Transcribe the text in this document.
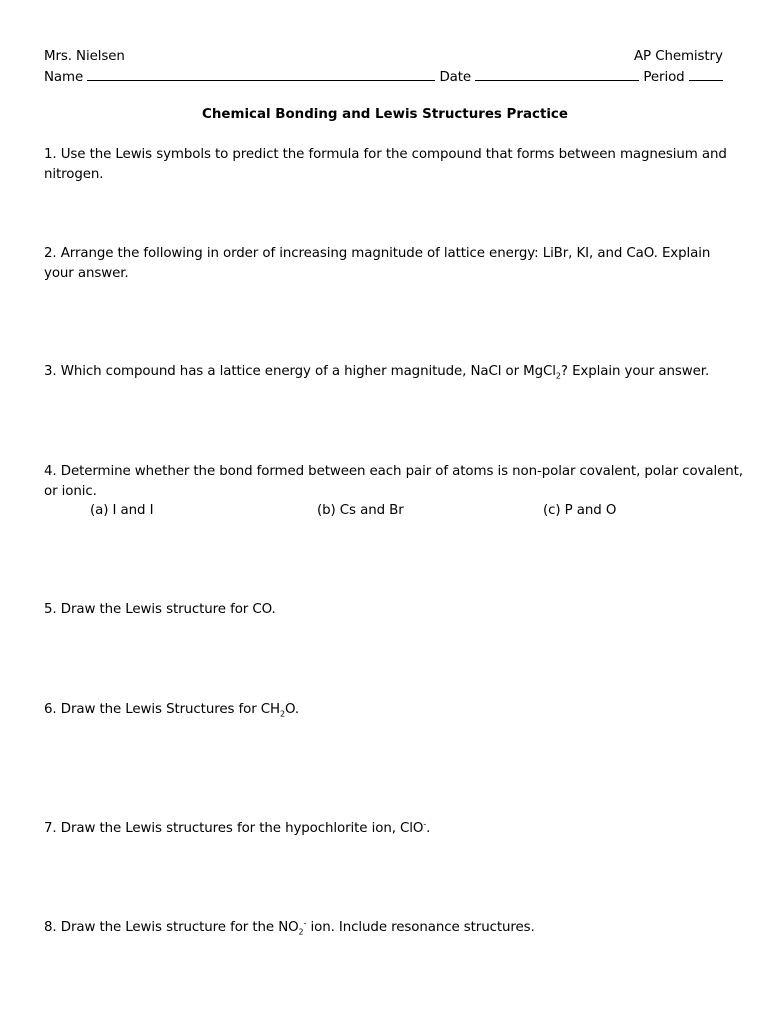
Mrs. Nielsen	AP Chemistry
Name	Date	Period
Chemical Bonding and Lewis Structures Practice
1. Use the Lewis symbols to predict the formula for the compound that forms between magnesium and
nitrogen.
2. Arrange the following in order of increasing magnitude of lattice energy: LiBr, KI, and CaO. Explain
your answer.
3. Which compound has a lattice energy of a higher magnitude, NaCl or MgCl$_2$? Explain your answer.
4. Determine whether the bond formed between each pair of atoms is non-polar covalent, polar covalent,
or ionic.
(a) I and I	(b) Cs and Br	(c) P and O
5. Draw the Lewis structure for CO.
6. Draw the Lewis Structures for $CH_2O$.
7. Draw the Lewis structures for the hypochlorite ion, ClO-.
8. Draw the Lewis structure for the $NO_2^-$ ion. Include resonance structures.
